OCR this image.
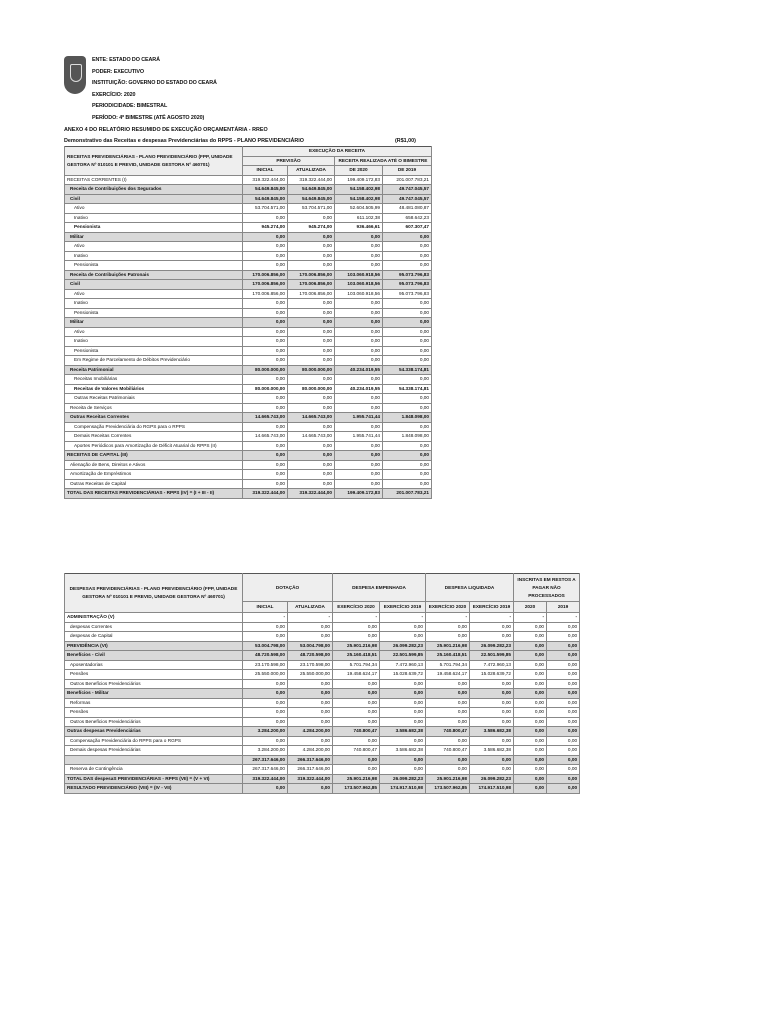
ENTE: ESTADO DO CEARÁ
PODER: EXECUTIVO
INSTITUIÇÃO: GOVERNO DO ESTADO DO CEARÁ
EXERCÍCIO: 2020
PERIODICIDADE: BIMESTRAL
PERÍODO: 4º BIMESTRE (ATÉ AGOSTO 2020)
ANEXO 4 DO RELATÓRIO RESUMIDO DE EXECUÇÃO ORÇAMENTÁRIA - RREO
Demonstrativo das Receitas e despesas Previdenciárias do RPPS - PLANO PREVIDENCIÁRIO	(R$1,00)
RECEITAS PREVIDENCIÁRIAS - PLANO PREVIDENCIÁRIO (FPP, UNIDADE GESTORA Nº 010101 E PREVID, UNIDADE GESTORA Nº 460701)	EXECUÇÃO DA RECEITA			
	PREVISÃO		RECEITA REALIZADA ATÉ O BIMESTRE	
	INICIAL	ATUALIZADA	DE 2020	DE 2019
RECEITAS CORRENTES (I)	319.322.444,00	319.322.444,00	199.409.172,83	201.007.783,21
Receita de Contribuições dos Segurados	54.649.845,00	54.649.845,00	54.158.402,98	49.747.045,57
Civil	54.649.845,00	54.649.845,00	54.158.402,98	49.747.045,57
Ativo	53.704.571,00	53.704.571,00	52.604.505,99	48.481.080,87
Inativo	0,00	0,00	611.102,38	658.642,23
Pensionista	945.274,00	945.274,00	936.466,61	607.307,47
Militar	0,00	0,00	0,00	0,00
Ativo	0,00	0,00	0,00	0,00
Inativo	0,00	0,00	0,00	0,00
Pensionista	0,00	0,00	0,00	0,00
Receita de Contribuições Patronais	170.006.856,00	170.006.856,00	103.060.918,56	95.073.796,83
Civil	170.006.856,00	170.006.856,00	103.060.918,56	95.073.796,83
Ativo	170.006.856,00	170.006.856,00	103.060.918,56	95.073.796,83
Inativo	0,00	0,00	0,00	0,00
Pensionista	0,00	0,00	0,00	0,00
Militar	0,00	0,00	0,00	0,00
Ativo	0,00	0,00	0,00	0,00
Inativo	0,00	0,00	0,00	0,00
Pensionista	0,00	0,00	0,00	0,00
Em Regime de Parcelamento de Débitos Previdenciário	0,00	0,00	0,00	0,00
Receita Patrimonial	80.000.000,00	80.000.000,00	40.234.019,55	54.338.174,81
Receitas Imobiliárias	0,00	0,00	0,00	0,00
Receitas de Valores Mobiliários	80.000.000,00	80.000.000,00	40.234.019,55	54.338.174,81
Outras Receitas Patrimoniais	0,00	0,00	0,00	0,00
Receita de Serviços	0,00	0,00	0,00	0,00
Outras Receitas Correntes	14.665.743,00	14.665.743,00	1.955.741,44	1.848.098,00
Compensação Previdenciária do RGPS para o RPPS	0,00	0,00	0,00	0,00
Demais Receitas Correntes	14.665.743,00	14.665.743,00	1.955.741,44	1.848.098,00
Aportes Periódicos para Amortização de Déficit Atuarial do RPPS (II)	0,00	0,00	0,00	0,00
RECEITAS DE CAPITAL (III)	0,00	0,00	0,00	0,00
Alienação de Bens, Direitos e Ativos	0,00	0,00	0,00	0,00
Amortização de Empréstimos	0,00	0,00	0,00	0,00
Outras Receitas de Capital	0,00	0,00	0,00	0,00
TOTAL DAS RECEITAS PREVIDENCIÁRIAS - RPPS (IV) = (I + III - II)	319.322.444,00	319.322.444,00	199.409.172,83	201.007.783,21
DESPESAS PREVIDENCIÁRIAS - PLANO PREVIDENCIÁRIO (FPP, UNIDADE GESTORA Nº 010101 E PREVID, UNIDADE GESTORA Nº 460701)	DOTAÇÃO		DESPESA EMPENHADA		DESPESA LIQUIDADA		INSCRITAS EM RESTOS A PAGAR NÃO PROCESSADOS	
	INICIAL	ATUALIZADA	EXERCÍCIO 2020	EXERCÍCIO 2019	EXERCÍCIO 2020	EXERCÍCIO 2019	2020	2019
ADMINISTRAÇÃO (V)	-	-	-	-	-	-	-	-
despesas Correntes	0,00	0,00	0,00	0,00	0,00	0,00	0,00	0,00
despesas de Capital	0,00	0,00	0,00	0,00	0,00	0,00	0,00	0,00
PREVIDÊNCIA (VI)	53.004.798,00	53.004.798,00	25.901.216,98	26.099.282,23	25.901.216,98	26.099.282,23	0,00	0,00
Benefícios - Civil	48.720.598,00	48.720.598,00	25.160.418,51	22.501.599,85	25.160.418,51	22.501.599,85	0,00	0,00
Aposentadorias	23.170.598,00	23.170.598,00	5.701.794,34	7.472.960,13	5.701.794,34	7.472.960,13	0,00	0,00
Pensões	25.550.000,00	25.550.000,00	19.458.624,17	15.028.639,72	19.458.624,17	15.028.639,72	0,00	0,00
Outros Benefícios Previdenciários	0,00	0,00	0,00	0,00	0,00	0,00	0,00	0,00
Benefícios - Militar	0,00	0,00	0,00	0,00	0,00	0,00	0,00	0,00
Reformas	0,00	0,00	0,00	0,00	0,00	0,00	0,00	0,00
Pensões	0,00	0,00	0,00	0,00	0,00	0,00	0,00	0,00
Outros Benefícios Previdenciários	0,00	0,00	0,00	0,00	0,00	0,00	0,00	0,00
Outras despesas Previdenciárias	3.284.200,00	4.284.200,00	740.800,47	3.586.682,38	740.800,47	3.586.682,38	0,00	0,00
Compensação Previdenciária do RPPS para o RGPS	0,00	0,00	0,00	0,00	0,00	0,00	0,00	0,00
Demais despesas Previdenciárias	3.284.200,00	4.284.200,00	740.800,47	3.586.682,38	740.800,47	3.586.682,38	0,00	0,00
	267.317.646,00	266.317.646,00	0,00	0,00	0,00	0,00	0,00	0,00
Reserva de Contingência	267.317.646,00	266.317.646,00	0,00	0,00	0,00	0,00	0,00	0,00
TOTAL DAS despesaS PREVIDENCIÁRIAS - RPPS (VII) = (V + VI)	319.322.444,00	319.322.444,00	25.901.216,98	26.099.282,23	25.901.216,98	26.099.282,23	0,00	0,00
RESULTADO PREVIDENCIÁRIO (VIII) = (IV - VII)	0,00	0,00	173.507.962,85	174.917.510,98	173.507.962,85	174.917.510,98	0,00	0,00
